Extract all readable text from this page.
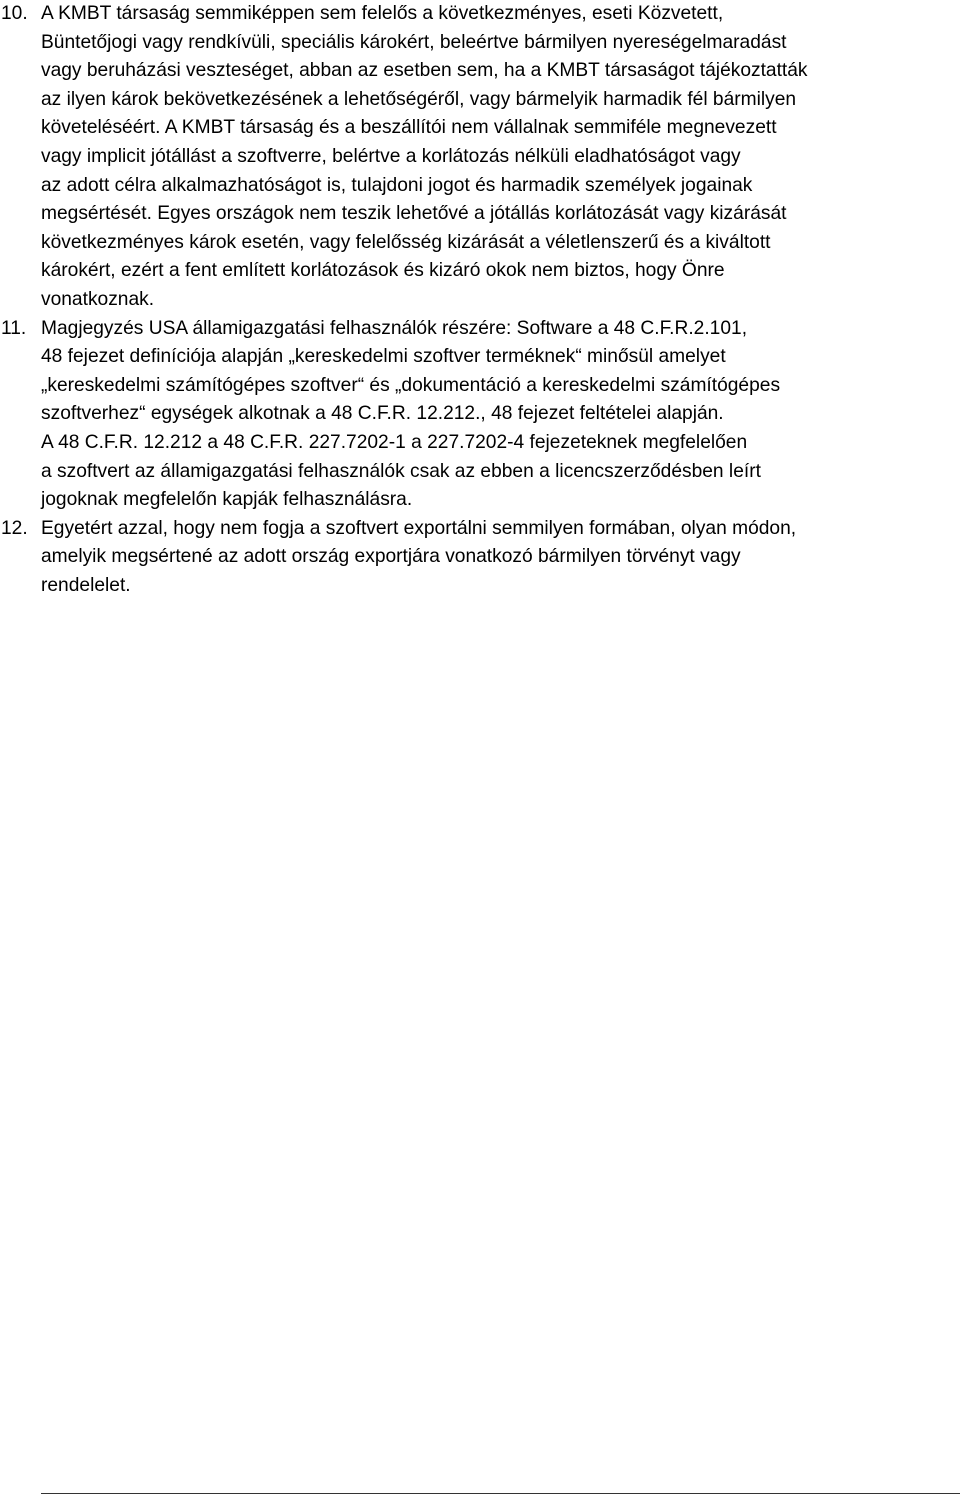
10. A KMBT társaság semmiképpen sem felelős a következményes, eseti Közvetett,
Büntetőjogi vagy rendkívüli, speciális károkért, beleértve bármilyen nyereségelmaradást
vagy beruházási veszteséget, abban az esetben sem, ha a KMBT társaságot tájékoztatták
az ilyen károk bekövetkezésének a lehetőségéről, vagy bármelyik harmadik fél bármilyen
követeléséért. A KMBT társaság és a beszállítói nem vállalnak semmiféle megnevezett
vagy implicit jótállást a szoftverre, belértve a korlátozás nélküli eladhatóságot vagy
az adott célra alkalmazhatóságot is, tulajdoni jogot és harmadik személyek jogainak
megsértését. Egyes országok nem teszik lehetővé a jótállás korlátozását vagy kizárását
következményes károk esetén, vagy felelősség kizárását a véletlenszerű és a kiváltott
károkért, ezért a fent említett korlátozások és kizáró okok nem biztos, hogy Önre
vonatkoznak.
11. Magjegyzés USA államigazgatási felhasználók részére: Software a 48 C.F.R.2.101,
48 fejezet definíciója alapján „kereskedelmi szoftver terméknek“ minősül amelyet
„kereskedelmi számítógépes szoftver“ és „dokumentáció a kereskedelmi számítógépes
szoftverhez“ egységek alkotnak a 48 C.F.R. 12.212., 48 fejezet feltételei alapján.
A 48 C.F.R. 12.212 a 48 C.F.R. 227.7202-1 a 227.7202-4 fejezeteknek megfelelően
a szoftvert az államigazgatási felhasználók csak az ebben a licencszerződésben leírt
jogoknak megfelelőn kapják felhasználásra.
12. Egyetért azzal, hogy nem fogja a szoftvert exportálni semmilyen formában, olyan módon,
amelyik megsértené az adott ország exportjára vonatkozó bármilyen törvényt vagy
rendelelet.
